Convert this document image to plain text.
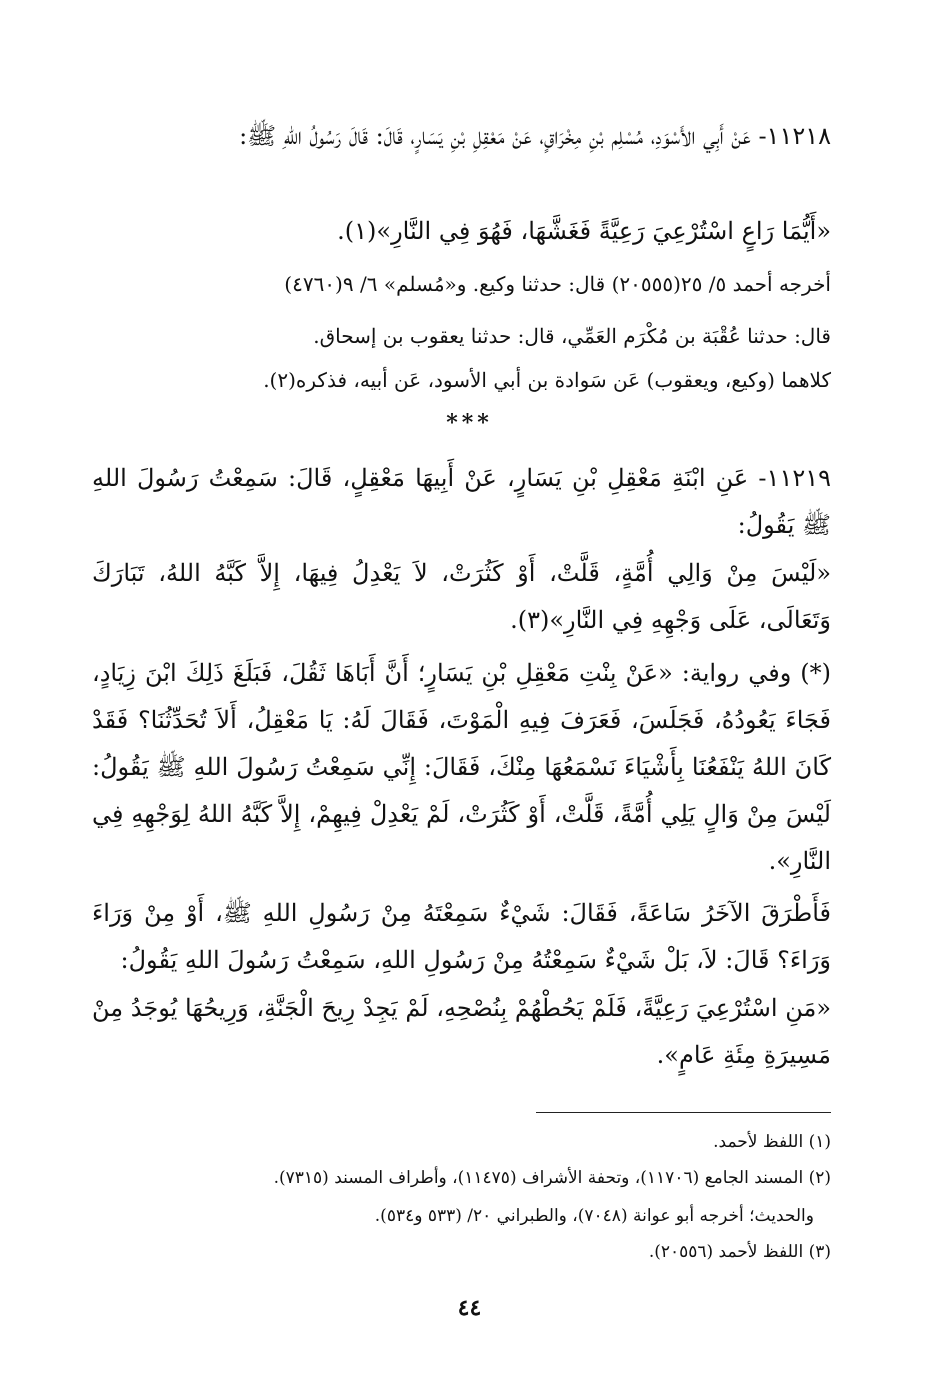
١١٢١٨- عَنْ أَبِي الأَسْوَدِ، مُسْلِم بْنِ مِخْرَاقٍ، عَنْ مَعْقِلِ بْنِ يَسَارٍ، قَالَ: قَالَ رَسُولُ اللهِ ﷺ:

«أَيُّمَا رَاعٍ اسْتُرْعِيَ رَعِيَّةً فَغَشَّهَا، فَهُوَ فِي النَّارِ»(١).

أخرجه أحمد ٥/ ٢٥(٢٠٥٥٥) قال: حدثنا وكيع. و«مُسلم» ٦/ ٩(٤٧٦٠)

قال: حدثنا عُقْبَة بن مُكْرَم العَمِّي، قال: حدثنا يعقوب بن إسحاق.

كلاهما (وكيع، ويعقوب) عَن سَوادة بن أبي الأسود، عَن أبيه، فذكره(٢).

***

١١٢١٩- عَنِ ابْنَةِ مَعْقِلِ بْنِ يَسَارٍ، عَنْ أَبِيهَا مَعْقِلٍ، قَالَ: سَمِعْتُ رَسُولَ اللهِ ﷺ يَقُولُ:

«لَيْسَ مِنْ وَالِي أُمَّةٍ، قَلَّتْ، أَوْ كَثُرَتْ، لاَ يَعْدِلُ فِيهَا، إِلاَّ كَبَّهُ اللهُ، تَبَارَكَ وَتَعَالَى، عَلَى وَجْهِهِ فِي النَّارِ»(٣).

(*) وفي رواية: «عَنْ بِنْتِ مَعْقِلِ بْنِ يَسَارٍ؛ أَنَّ أَبَاهَا ثَقُلَ، فَبَلَغَ ذَلِكَ ابْنَ زِيَادٍ، فَجَاءَ يَعُودُهُ، فَجَلَسَ، فَعَرَفَ فِيهِ الْمَوْتَ، فَقَالَ لَهُ: يَا مَعْقِلُ، أَلاَ تُحَدِّثُنَا؟ فَقَدْ كَانَ اللهُ يَنْفَعُنَا بِأَشْيَاءَ نَسْمَعُهَا مِنْكَ، فَقَالَ: إِنِّي سَمِعْتُ رَسُولَ اللهِ ﷺ يَقُولُ: لَيْسَ مِنْ وَالٍ يَلِي أُمَّةً، قَلَّتْ، أَوْ كَثُرَتْ، لَمْ يَعْدِلْ فِيهِمْ، إِلاَّ كَبَّهُ اللهُ لِوَجْهِهِ فِي النَّارِ».

فَأَطْرَقَ الآخَرُ سَاعَةً، فَقَالَ: شَيْءٌ سَمِعْتَهُ مِنْ رَسُولِ اللهِ ﷺ، أَوْ مِنْ وَرَاءَ وَرَاءَ؟ قَالَ: لاَ، بَلْ شَيْءٌ سَمِعْتُهُ مِنْ رَسُولِ اللهِ، سَمِعْتُ رَسُولَ اللهِ يَقُولُ:

«مَنِ اسْتُرْعِيَ رَعِيَّةً، فَلَمْ يَحُطْهُمْ بِنُصْحِهِ، لَمْ يَجِدْ رِيحَ الْجَنَّةِ، وَرِيحُهَا يُوجَدُ مِنْ مَسِيرَةِ مِئَةِ عَامٍ».

(١) اللفظ لأحمد.

(٢) المسند الجامع (١١٧٠٦)، وتحفة الأشراف (١١٤٧٥)، وأطراف المسند (٧٣١٥).

والحديث؛ أخرجه أبو عوانة (٧٠٤٨)، والطبراني ٢٠/ (٥٣٣ و٥٣٤).

(٣) اللفظ لأحمد (٢٠٥٥٦).

٤٤
